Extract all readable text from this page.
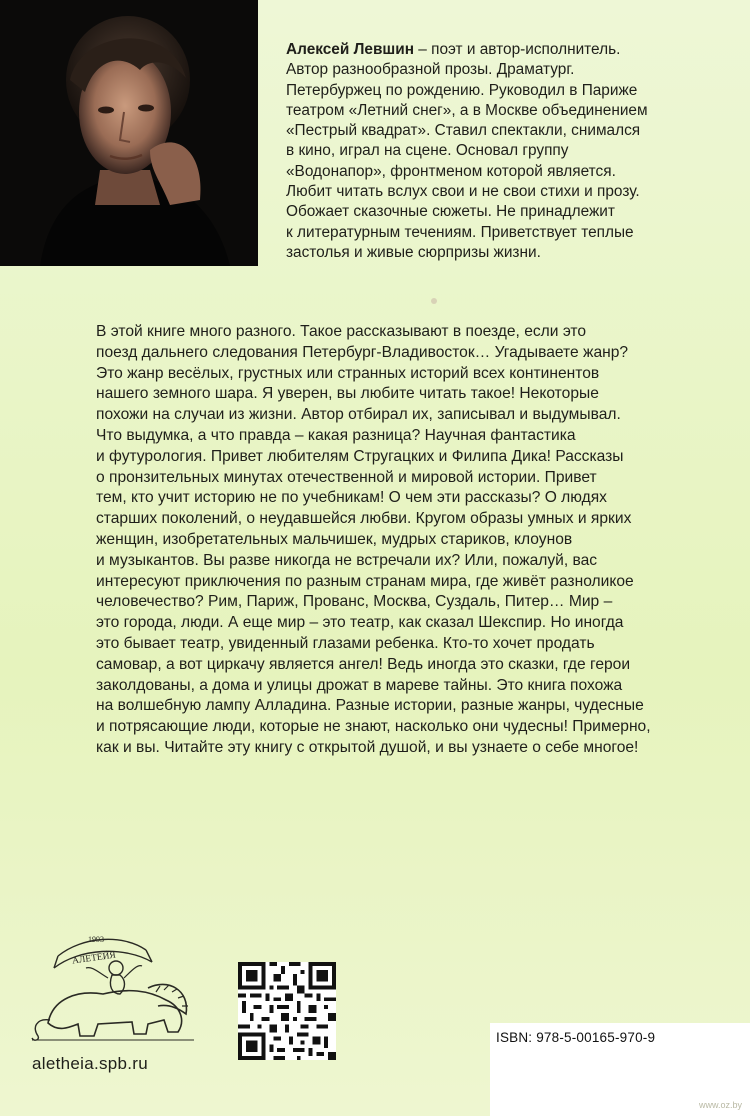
Алексей Левшин – поэт и автор-исполнитель.
Автор разнообразной прозы. Драматург.
Петербуржец по рождению. Руководил в Париже
театром «Летний снег», а в Москве объединением
«Пестрый квадрат». Ставил спектакли, снимался
в кино, играл на сцене. Основал группу
«Водонапор», фронтменом которой является.
Любит читать вслух свои и не свои стихи и прозу.
Обожает сказочные сюжеты. Не принадлежит
к литературным течениям. Приветствует теплые
застолья и живые сюрпризы жизни.
В этой книге много разного. Такое рассказывают в поезде, если это
поезд дальнего следования Петербург-Владивосток… Угадываете жанр?
Это жанр весёлых, грустных или странных историй всех континентов
нашего земного шара. Я уверен, вы любите читать такое! Некоторые
похожи на случаи из жизни. Автор отбирал их, записывал и выдумывал.
Что выдумка, а что правда – какая разница? Научная фантастика
и футурология. Привет любителям Стругацких и Филипа Дика! Рассказы
о пронзительных минутах отечественной и мировой истории. Привет
тем, кто учит историю не по учебникам! О чем эти рассказы? О людях
старших поколений, о неудавшейся любви. Кругом образы умных и ярких
женщин, изобретательных мальчишек, мудрых стариков, клоунов
и музыкантов. Вы разве никогда не встречали их? Или, пожалуй, вас
интересуют приключения по разным странам мира, где живёт разноликое
человечество? Рим, Париж, Прованс, Москва, Суздаль, Питер… Мир –
это города, люди. А еще мир – это театр, как сказал Шекспир. Но иногда
это бывает театр, увиденный глазами ребенка. Кто-то хочет продать
самовар, а вот циркачу является ангел! Ведь иногда это сказки, где герои
заколдованы, а дома и улицы дрожат в мареве тайны. Это книга похожа
на волшебную лампу Алладина. Разные истории, разные жанры, чудесные
и потрясающие люди, которые не знают, насколько они чудесны! Примерно,
как и вы. Читайте эту книгу с открытой душой, и вы узнаете о себе многое!
1993
АЛЕТЕЙЯ
aletheia.spb.ru
ISBN: 978-5-00165-970-9
www.oz.by
